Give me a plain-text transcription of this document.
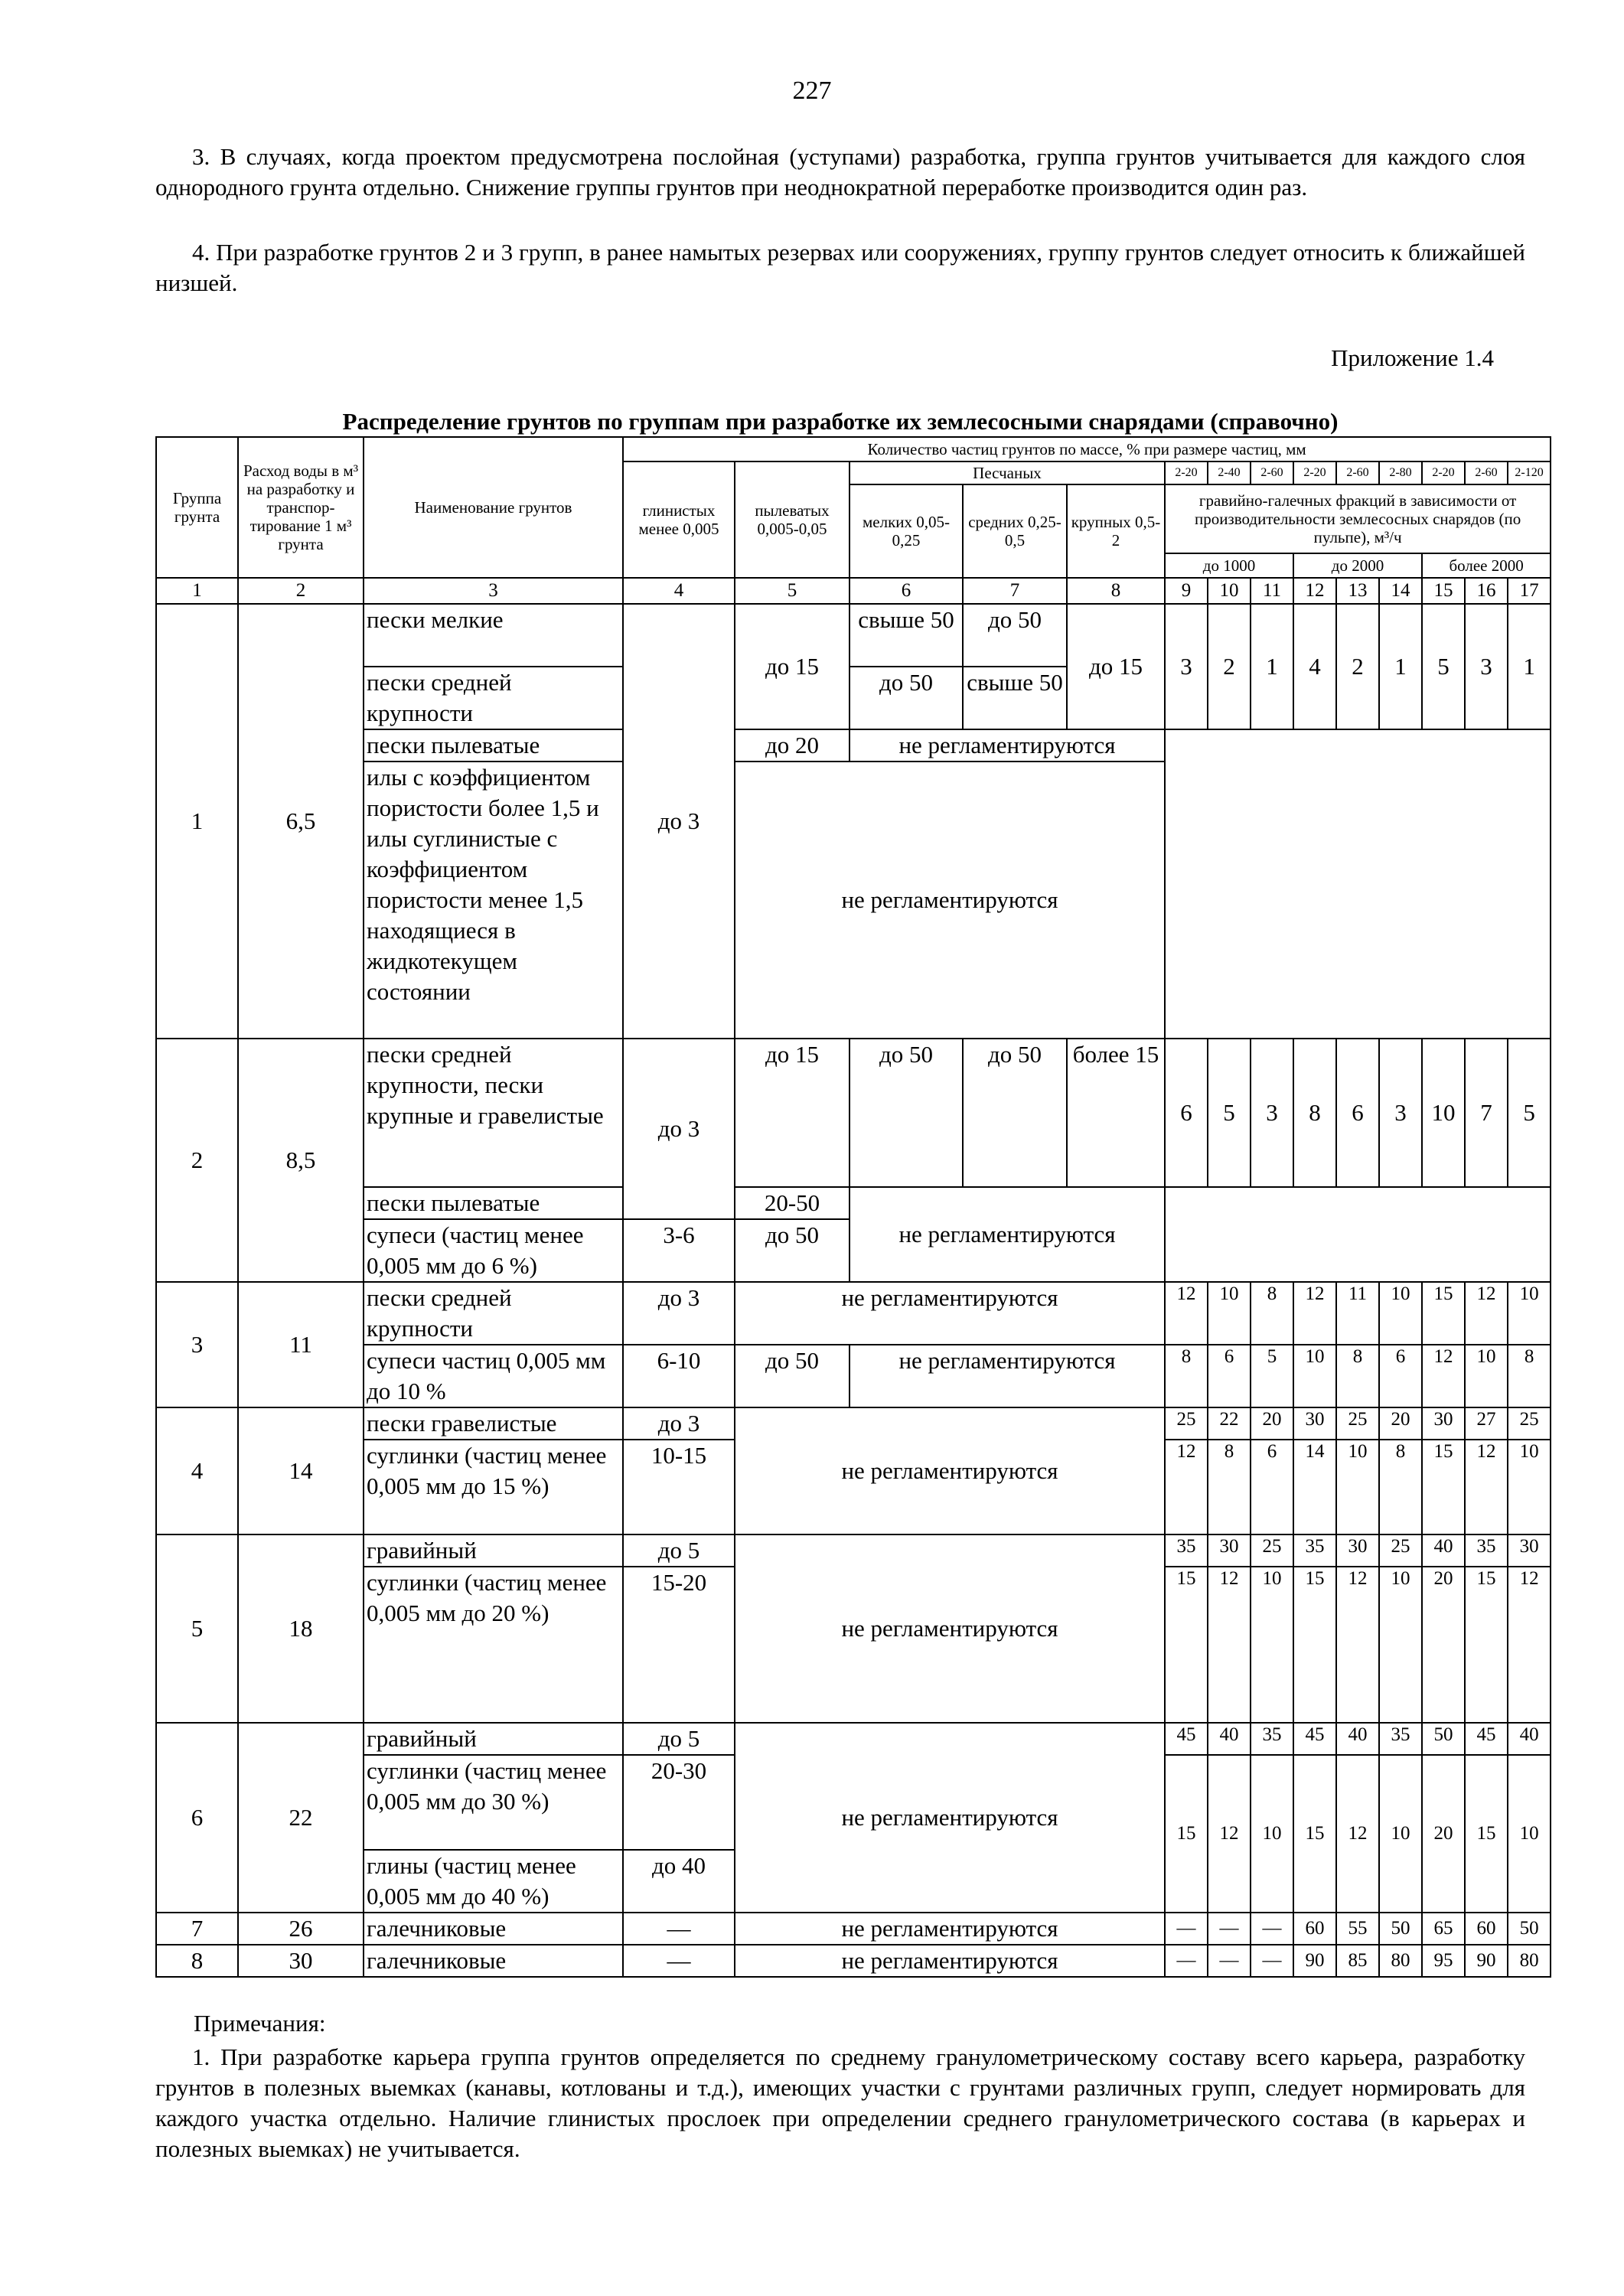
227

3. В случаях, когда проектом предусмотрена послойная (уступами) разработка, группа грунтов учитывается для каждого слоя однородного грунта отдельно. Снижение группы грунтов при неоднократной переработке производится один раз.

4. При разработке грунтов 2 и 3 групп, в ранее намытых резервах или сооружениях, группу грунтов следует относить к ближайшей низшей.

Приложение 1.4
Распределение грунтов по группам при разработке их землесосными снарядами (справочно)
Группа грунта	Расход воды в м³ на разработку и транспор-тирование 1 м³ грунта	Наименование грунтов	Количество частиц грунтов по массе, % при размере частиц, мм													
			глинистых менее 0,005	пылеватых 0,005-0,05	Песчаных			2-20	2-40	2-60	2-20	2-60	2-80	2-20	2-60	2-120
					мелких 0,05-0,25	средних 0,25-0,5	крупных 0,5-2	гравийно-галечных фракций в зависимости от производительности землесосных снарядов (по пульпе), м³/ч								
								до 1000			до 2000			более 2000		
1	2	3	4	5	6	7	8	9	10	11	12	13	14	15	16	17
1	6,5	пески мелкие	до 3	до 15	свыше 50	до 50	до 15	3	2	1	4	2	1	5	3	1
		пески средней крупности			до 50	свыше 50										
		пески пылеватые		до 20	не регламентируются											
		илы с коэффициентом пористости более 1,5 и илы суглинистые с коэффициентом пористости менее 1,5 находящиеся в жидкотекущем состоянии		не регламентируются												
2	8,5	пески средней крупности, пески крупные и гравелистые	до 3	до 15	до 50	до 50	более 15	6	5	3	8	6	3	10	7	5
		пески пылеватые		20-50	не регламентируются											
		супеси (частиц менее 0,005 мм до 6 %)	3-6	до 50												
3	11	пески средней крупности	до 3	не регламентируются				12	10	8	12	11	10	15	12	10
		супеси частиц 0,005 мм до 10 %	6-10	до 50	не регламентируются			8	6	5	10	8	6	12	10	8
4	14	пески гравелистые	до 3	не регламентируются				25	22	20	30	25	20	30	27	25
		суглинки (частиц менее 0,005 мм до 15 %)	10-15					12	8	6	14	10	8	15	12	10
5	18	гравийный	до 5	не регламентируются				35	30	25	35	30	25	40	35	30
		суглинки (частиц менее 0,005 мм до 20 %)	15-20					15	12	10	15	12	10	20	15	12
6	22	гравийный	до 5	не регламентируются				45	40	35	45	40	35	50	45	40
		суглинки (частиц менее 0,005 мм до 30 %)	20-30					15	12	10	15	12	10	20	15	10
		глины (частиц менее 0,005 мм до 40 %)	до 40													
7	26	галечниковые	—	не регламентируются				—	—	—	60	55	50	65	60	50
8	30	галечниковые	—	не регламентируются				—	—	—	90	85	80	95	90	80
Примечания:

1. При разработке карьера группа грунтов определяется по среднему гранулометрическому составу всего карьера, разработку грунтов в полезных выемках (канавы, котлованы и т.д.), имеющих участки с грунтами различных групп, следует нормировать для каждого участка отдельно. Наличие глинистых прослоек при определении среднего гранулометрического состава (в карьерах и полезных выемках) не учитывается.
